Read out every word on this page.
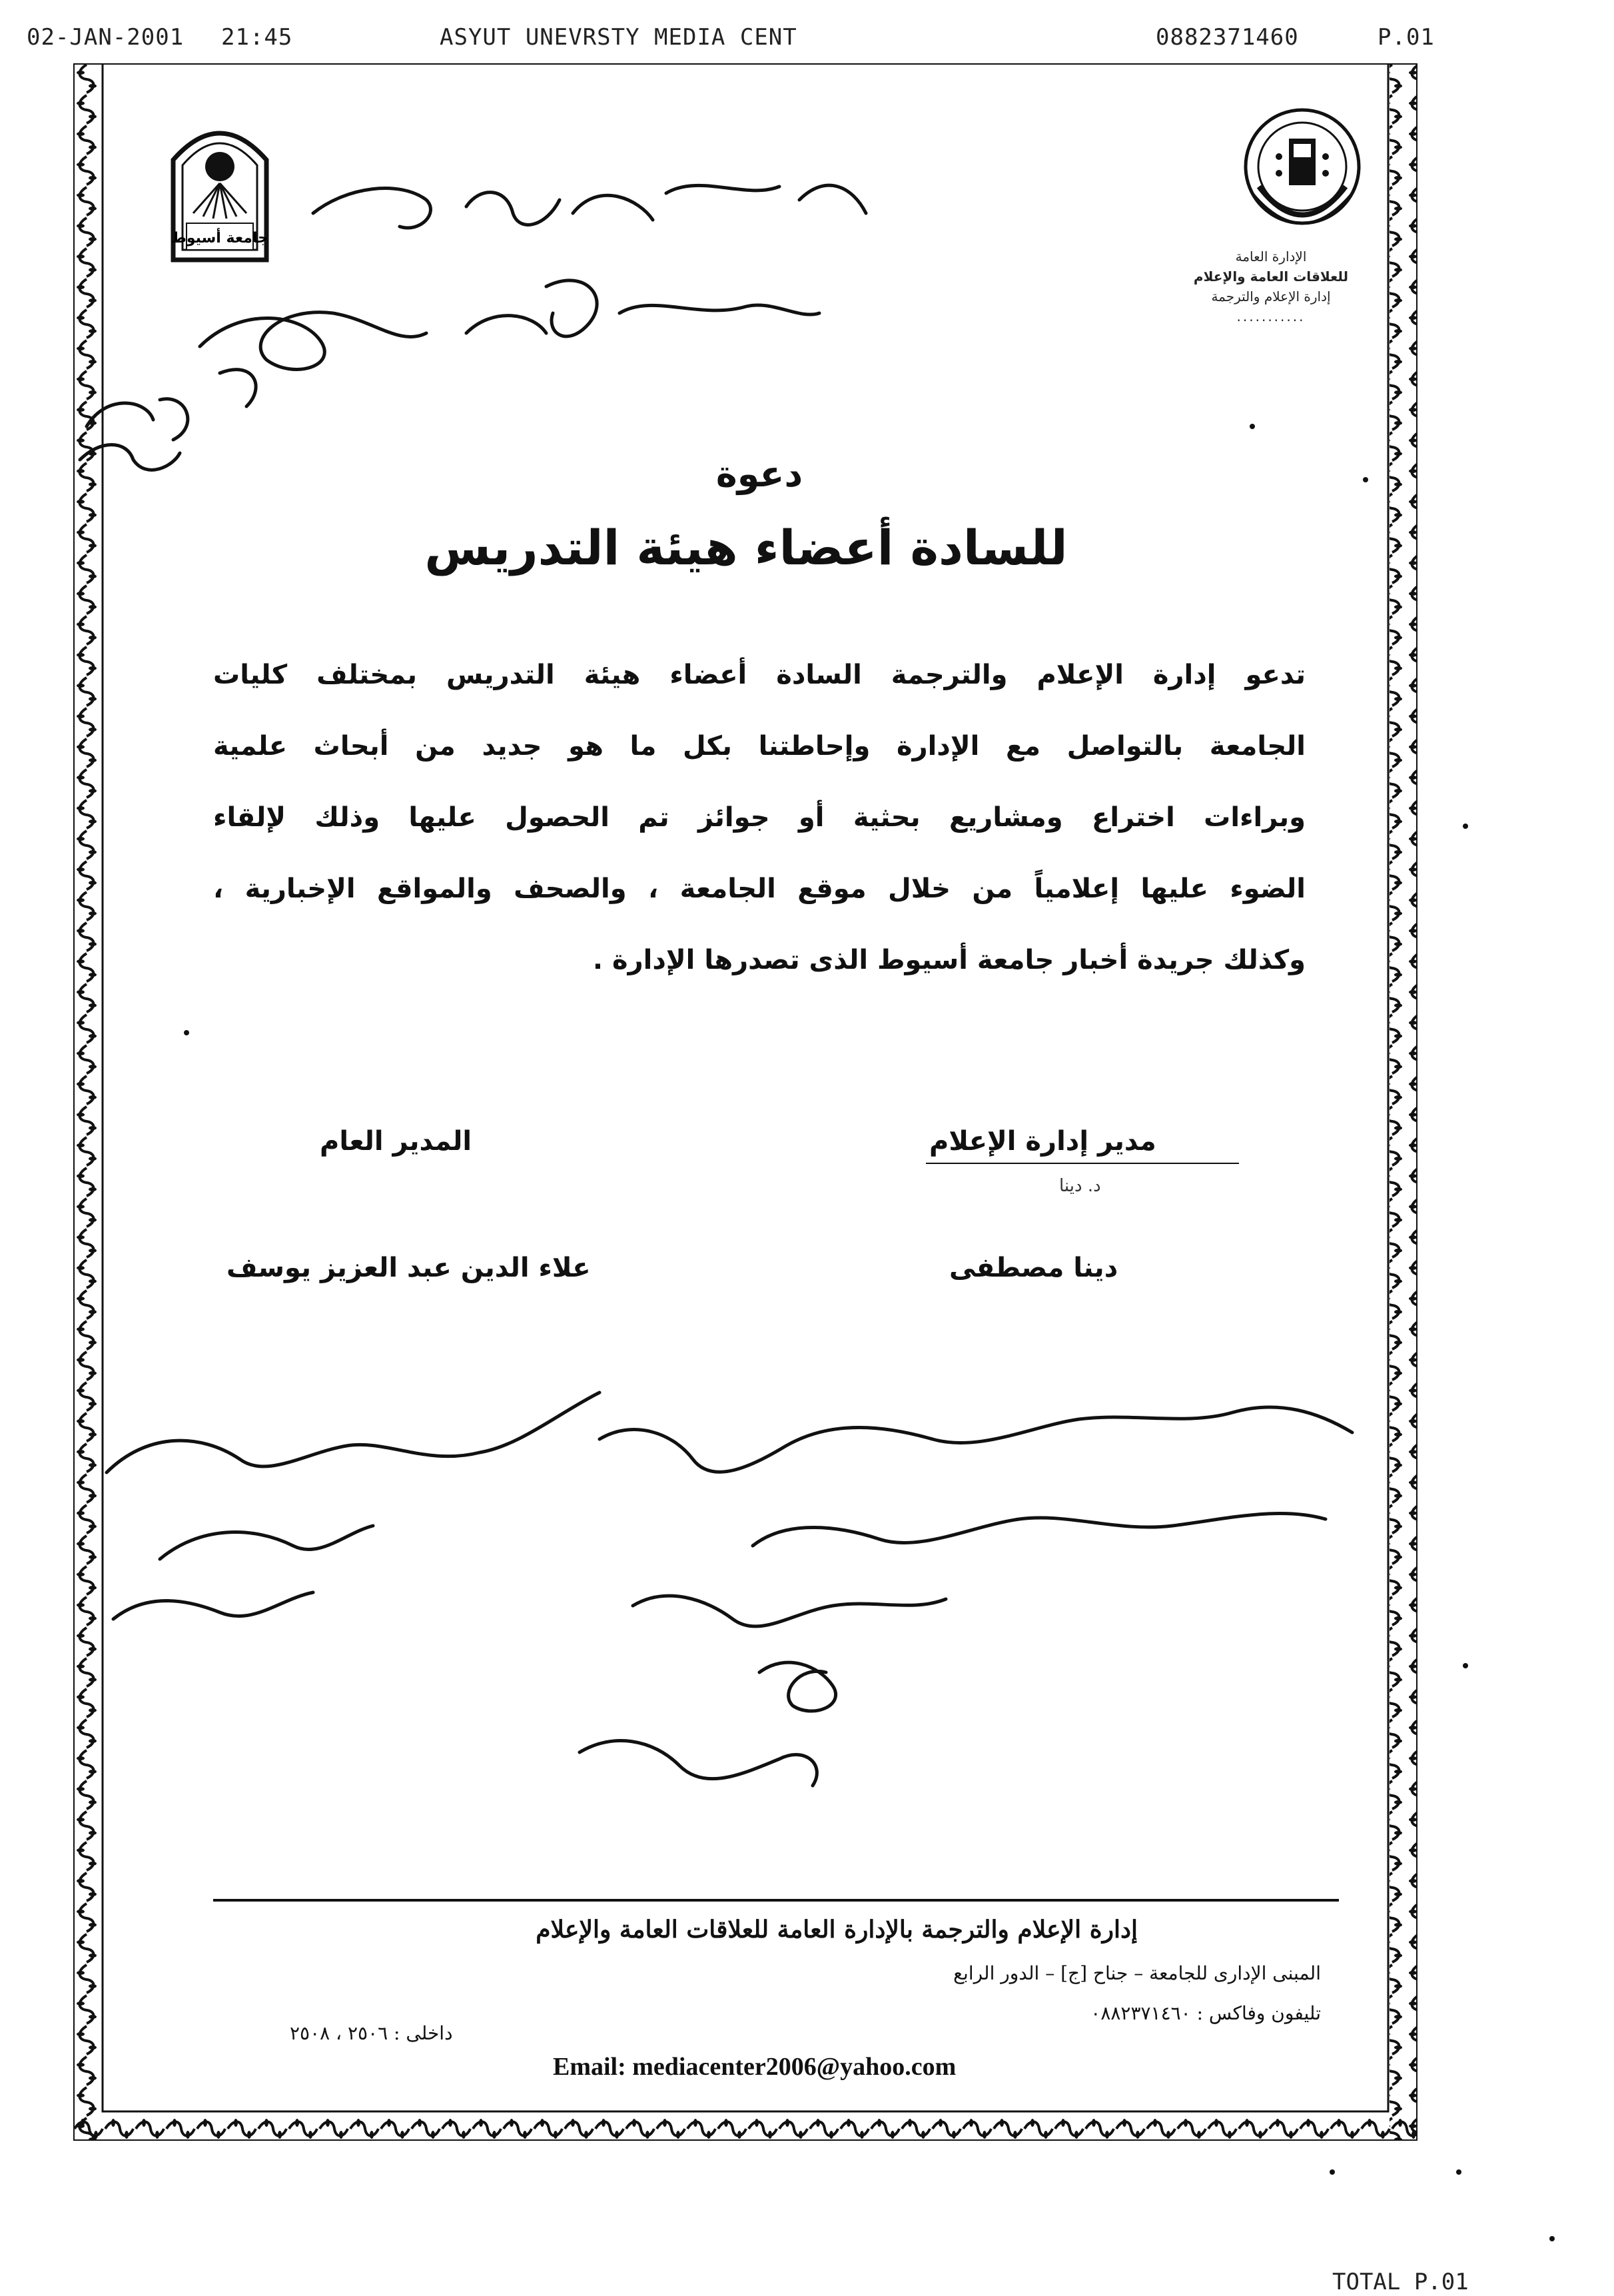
02-JAN-2001 21:45	ASYUT UNEVRSTY MEDIA CENT	0882371460	P.01
جامعة أسيوط
الإدارة العامة
للعلاقات العامة والإعلام
إدارة الإعلام والترجمة
...........
دعوة
للسادة أعضاء هيئة التدريس

تدعو إدارة الإعلام والترجمة السادة أعضاء هيئة التدريس بمختلف كليات

الجامعة بالتواصل مع الإدارة وإحاطتنا بكل ما هو جديد من أبحاث علمية

وبراءات اختراع ومشاريع بحثية أو جوائز تم الحصول عليها وذلك لإلقاء

الضوء عليها إعلامياً من خلال موقع الجامعة ، والصحف والمواقع الإخبارية ،

وكذلك جريدة أخبار جامعة أسيوط الذى تصدرها الإدارة .

المدير العام
علاء الدين عبد العزيز يوسف
مدير إدارة الإعلام
دينا مصطفى
د. دينا
إدارة الإعلام والترجمة بالإدارة العامة للعلاقات العامة والإعلام
المبنى الإدارى للجامعة – جناح [ج] – الدور الرابع
تليفون وفاكس : ٠٨٨٢٣٧١٤٦٠
داخلى : ٢٥٠٦ ، ٢٥٠٨
Email: mediacenter2006@yahoo.com
TOTAL P.01
